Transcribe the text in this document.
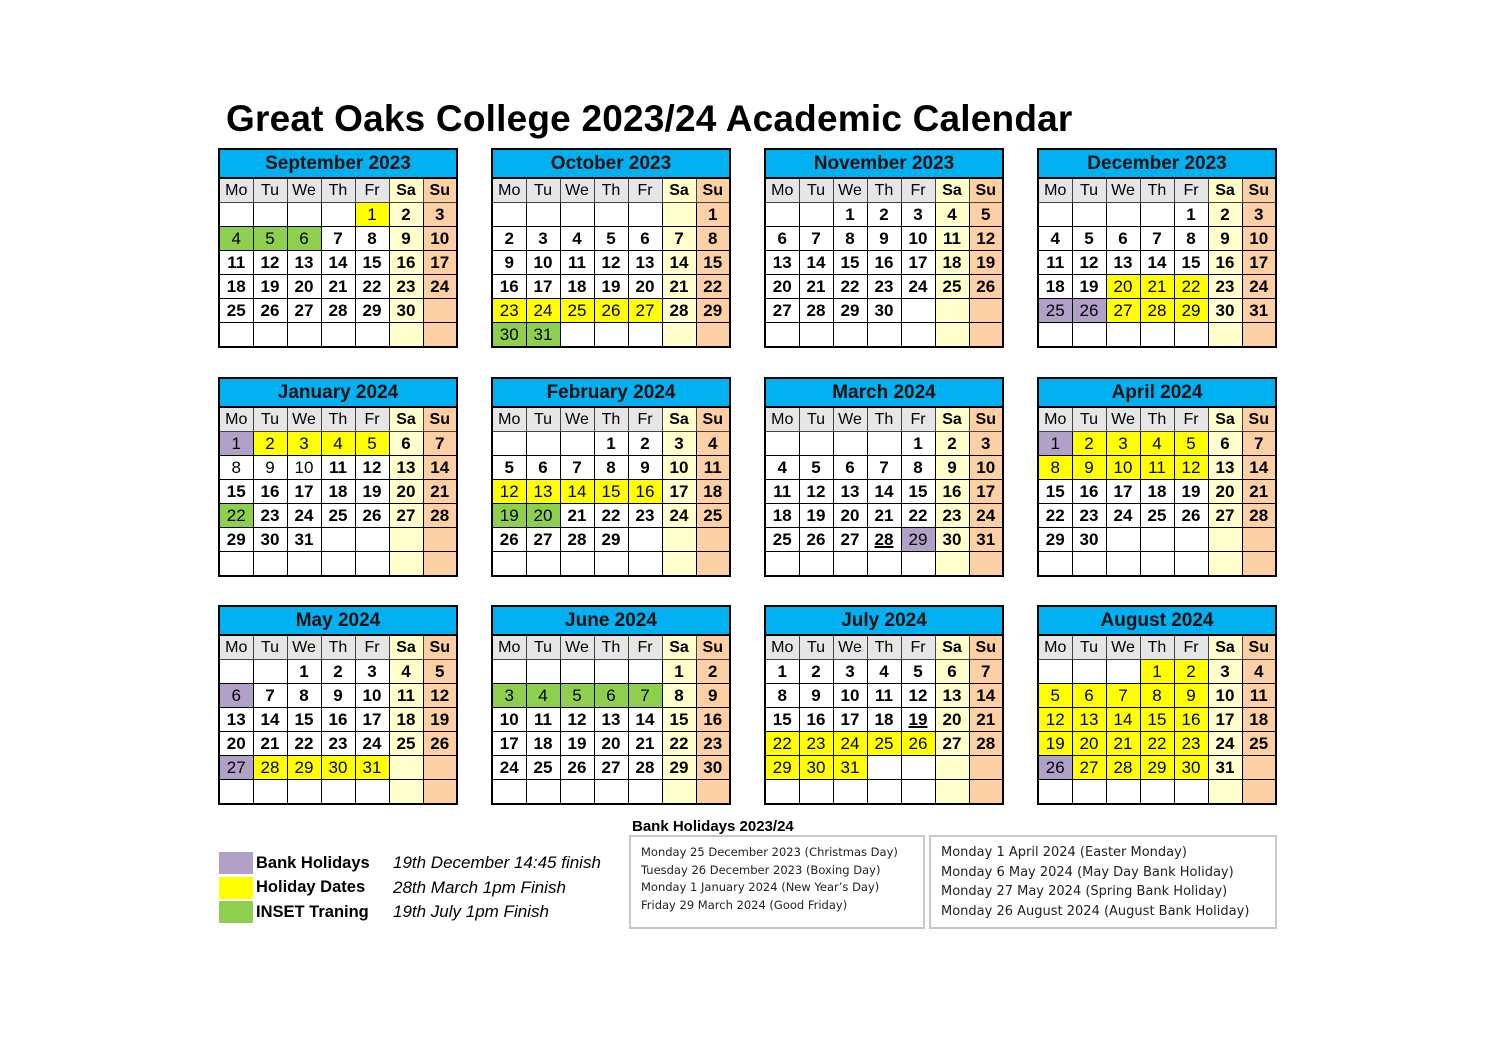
Great Oaks College 2023/24 Academic Calendar
September 2023						
Mo	Tu	We	Th	Fr	Sa	Su
				1	2	3
4	5	6	7	8	9	10
11	12	13	14	15	16	17
18	19	20	21	22	23	24
25	26	27	28	29	30	

October 2023						
Mo	Tu	We	Th	Fr	Sa	Su
						1
2	3	4	5	6	7	8
9	10	11	12	13	14	15
16	17	18	19	20	21	22
23	24	25	26	27	28	29
30	31					
November 2023						
Mo	Tu	We	Th	Fr	Sa	Su
		1	2	3	4	5
6	7	8	9	10	11	12
13	14	15	16	17	18	19
20	21	22	23	24	25	26
27	28	29	30			

December 2023						
Mo	Tu	We	Th	Fr	Sa	Su
				1	2	3
4	5	6	7	8	9	10
11	12	13	14	15	16	17
18	19	20	21	22	23	24
25	26	27	28	29	30	31

January 2024						
Mo	Tu	We	Th	Fr	Sa	Su
1	2	3	4	5	6	7
8	9	10	11	12	13	14
15	16	17	18	19	20	21
22	23	24	25	26	27	28
29	30	31				

February 2024						
Mo	Tu	We	Th	Fr	Sa	Su
			1	2	3	4
5	6	7	8	9	10	11
12	13	14	15	16	17	18
19	20	21	22	23	24	25
26	27	28	29			

March 2024						
Mo	Tu	We	Th	Fr	Sa	Su
				1	2	3
4	5	6	7	8	9	10
11	12	13	14	15	16	17
18	19	20	21	22	23	24
25	26	27	28	29	30	31

April 2024						
Mo	Tu	We	Th	Fr	Sa	Su
1	2	3	4	5	6	7
8	9	10	11	12	13	14
15	16	17	18	19	20	21
22	23	24	25	26	27	28
29	30					

May 2024						
Mo	Tu	We	Th	Fr	Sa	Su
		1	2	3	4	5
6	7	8	9	10	11	12
13	14	15	16	17	18	19
20	21	22	23	24	25	26
27	28	29	30	31		

June 2024						
Mo	Tu	We	Th	Fr	Sa	Su
					1	2
3	4	5	6	7	8	9
10	11	12	13	14	15	16
17	18	19	20	21	22	23
24	25	26	27	28	29	30

July 2024						
Mo	Tu	We	Th	Fr	Sa	Su
1	2	3	4	5	6	7
8	9	10	11	12	13	14
15	16	17	18	19	20	21
22	23	24	25	26	27	28
29	30	31				

August 2024						
Mo	Tu	We	Th	Fr	Sa	Su
			1	2	3	4
5	6	7	8	9	10	11
12	13	14	15	16	17	18
19	20	21	22	23	24	25
26	27	28	29	30	31	

Bank Holidays	19th December 14:45 finish
Holiday Dates	28th March 1pm Finish
INSET Traning	19th July 1pm Finish
Bank Holidays 2023/24
Monday 25 December 2023 (Christmas Day)
Tuesday 26 December 2023 (Boxing Day)
Monday 1 January 2024 (New Year’s Day)
Friday 29 March 2024 (Good Friday)
Monday 1 April 2024 (Easter Monday)
Monday 6 May 2024 (May Day Bank Holiday)
Monday 27 May 2024 (Spring Bank Holiday)
Monday 26 August 2024 (August Bank Holiday)
